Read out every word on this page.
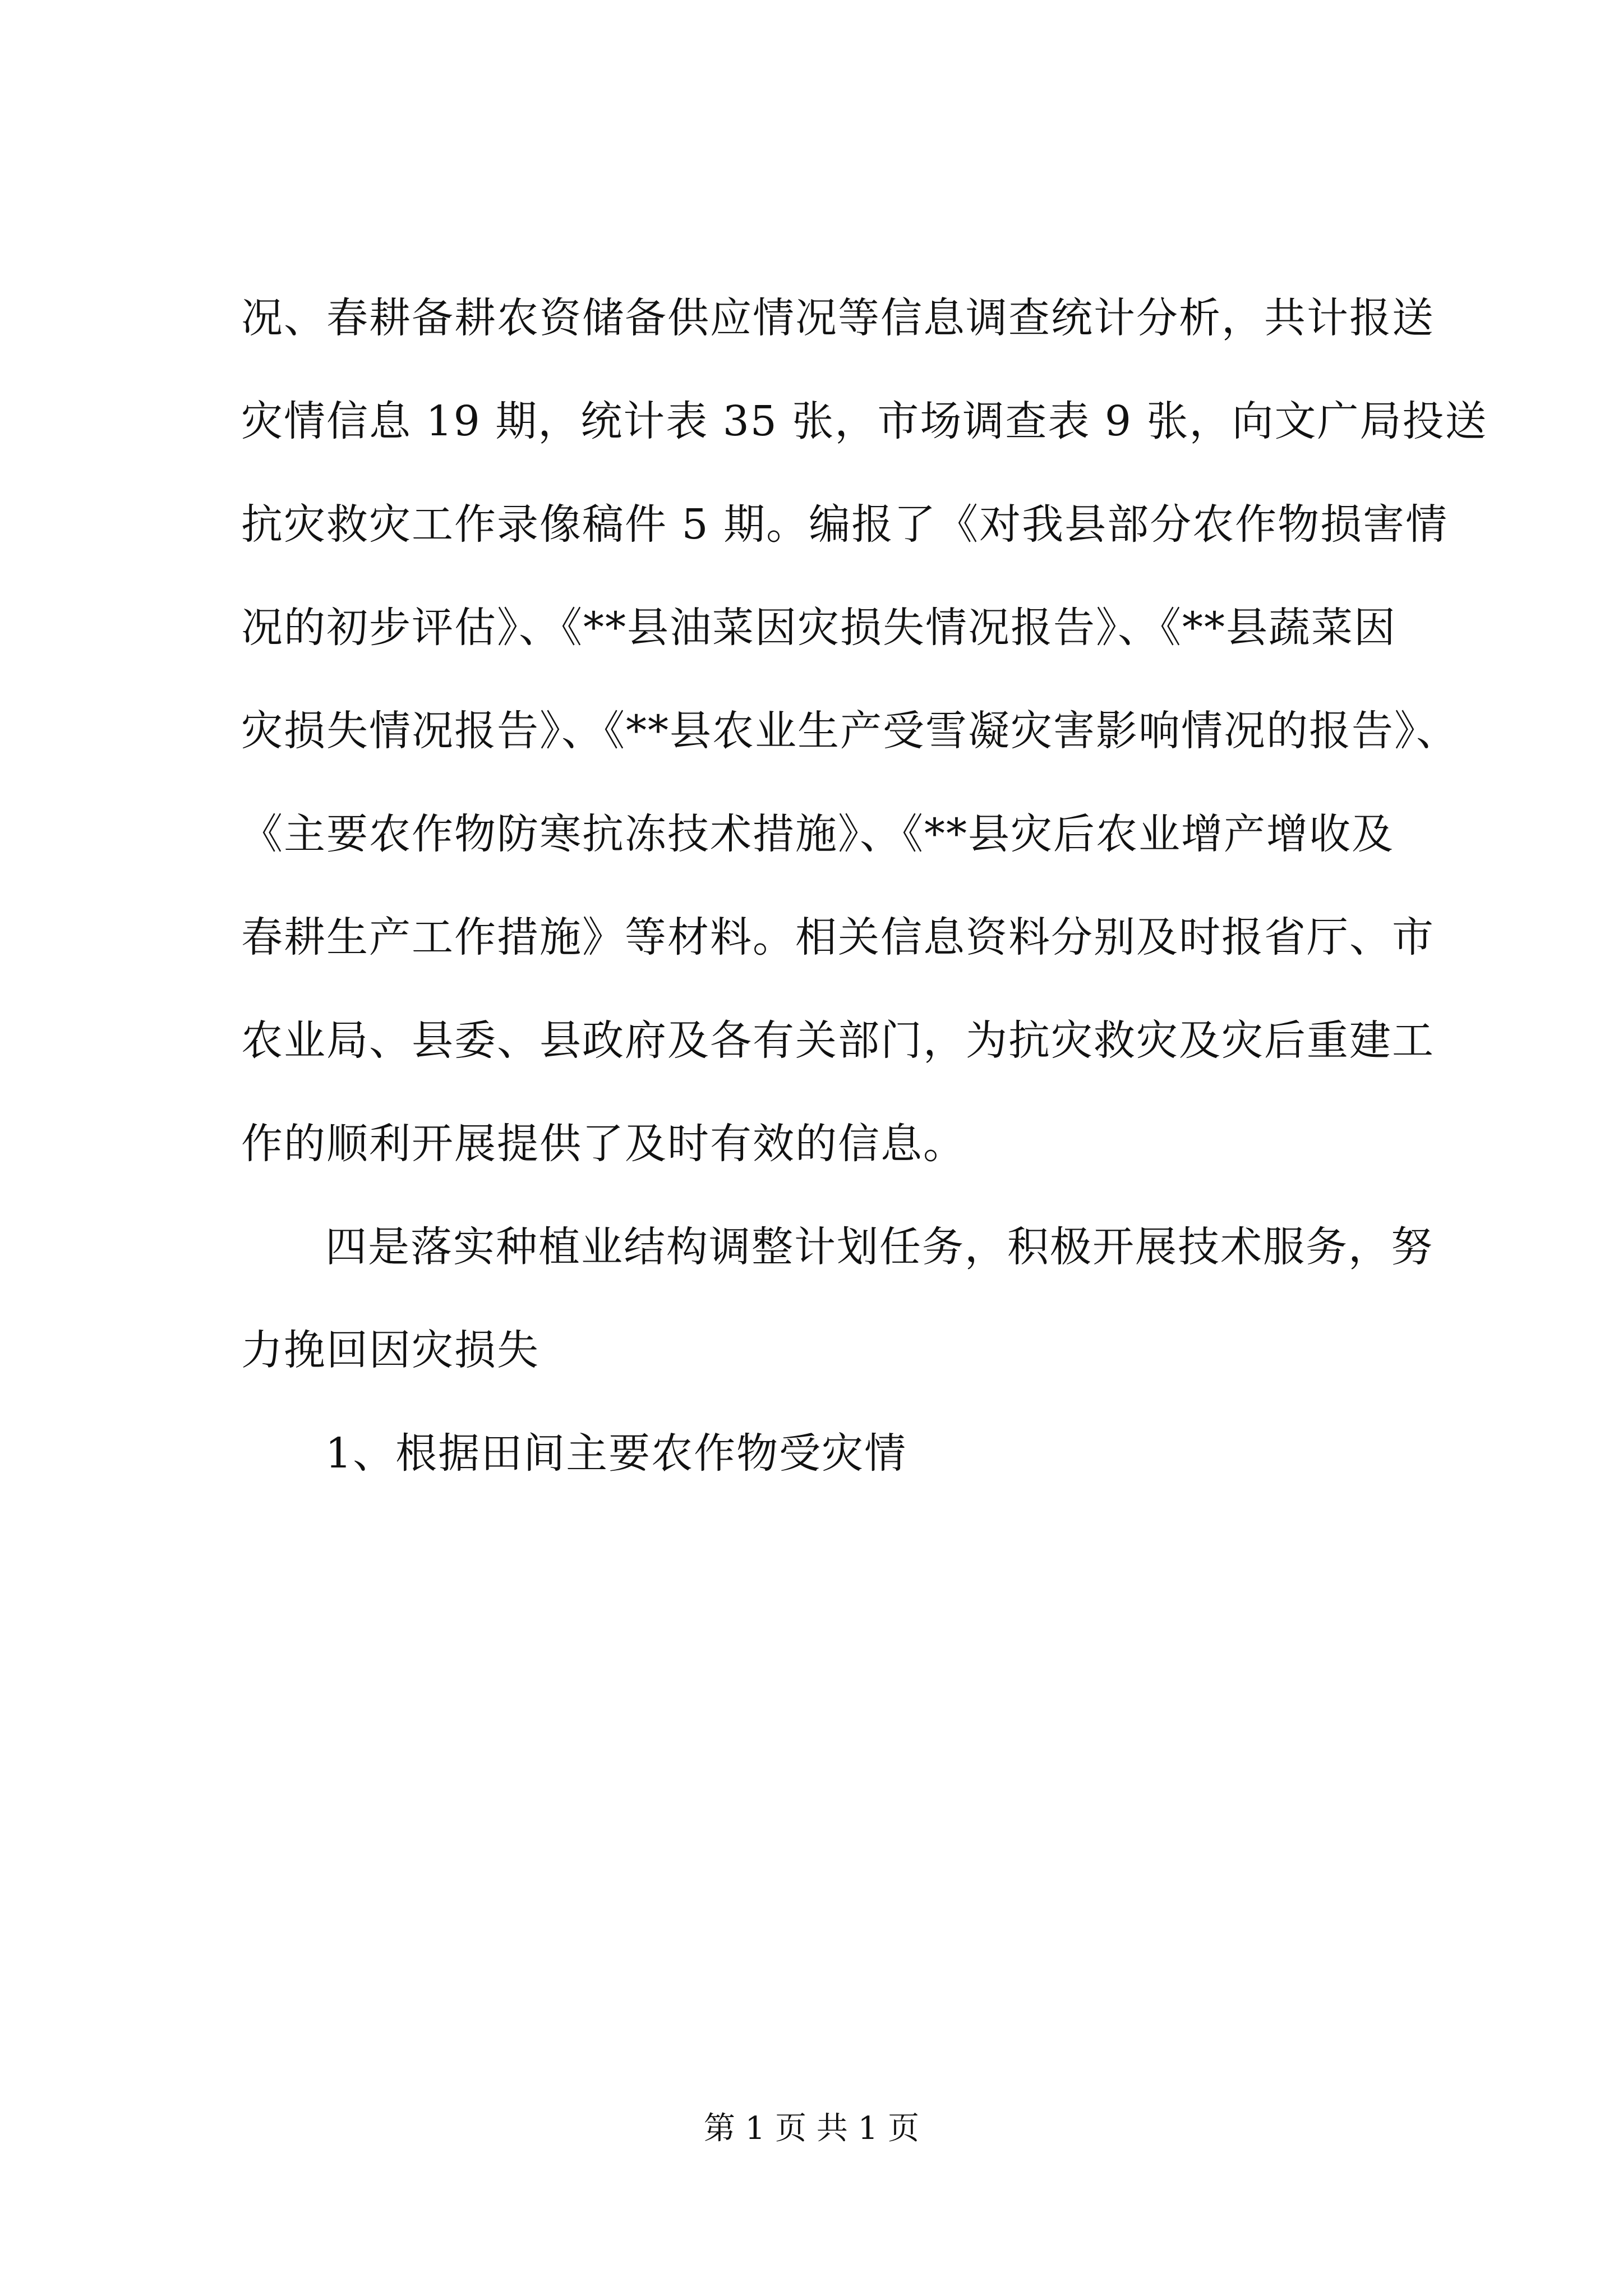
况、春耕备耕农资储备供应情况等信息调查统计分析，共计报送
灾情信息 19 期，统计表 35 张，市场调查表 9 张，向文广局投送
抗灾救灾工作录像稿件 5 期。编报了《对我县部分农作物损害情
况的初步评估》、《**县油菜因灾损失情况报告》、《**县蔬菜因
灾损失情况报告》、《**县农业生产受雪凝灾害影响情况的报告》、
《主要农作物防寒抗冻技术措施》、《**县灾后农业增产增收及
春耕生产工作措施》等材料。相关信息资料分别及时报省厅、市
农业局、县委、县政府及各有关部门，为抗灾救灾及灾后重建工
作的顺利开展提供了及时有效的信息。
四是落实种植业结构调整计划任务，积极开展技术服务，努
力挽回因灾损失
1、根据田间主要农作物受灾情
第 1 页 共 1 页
